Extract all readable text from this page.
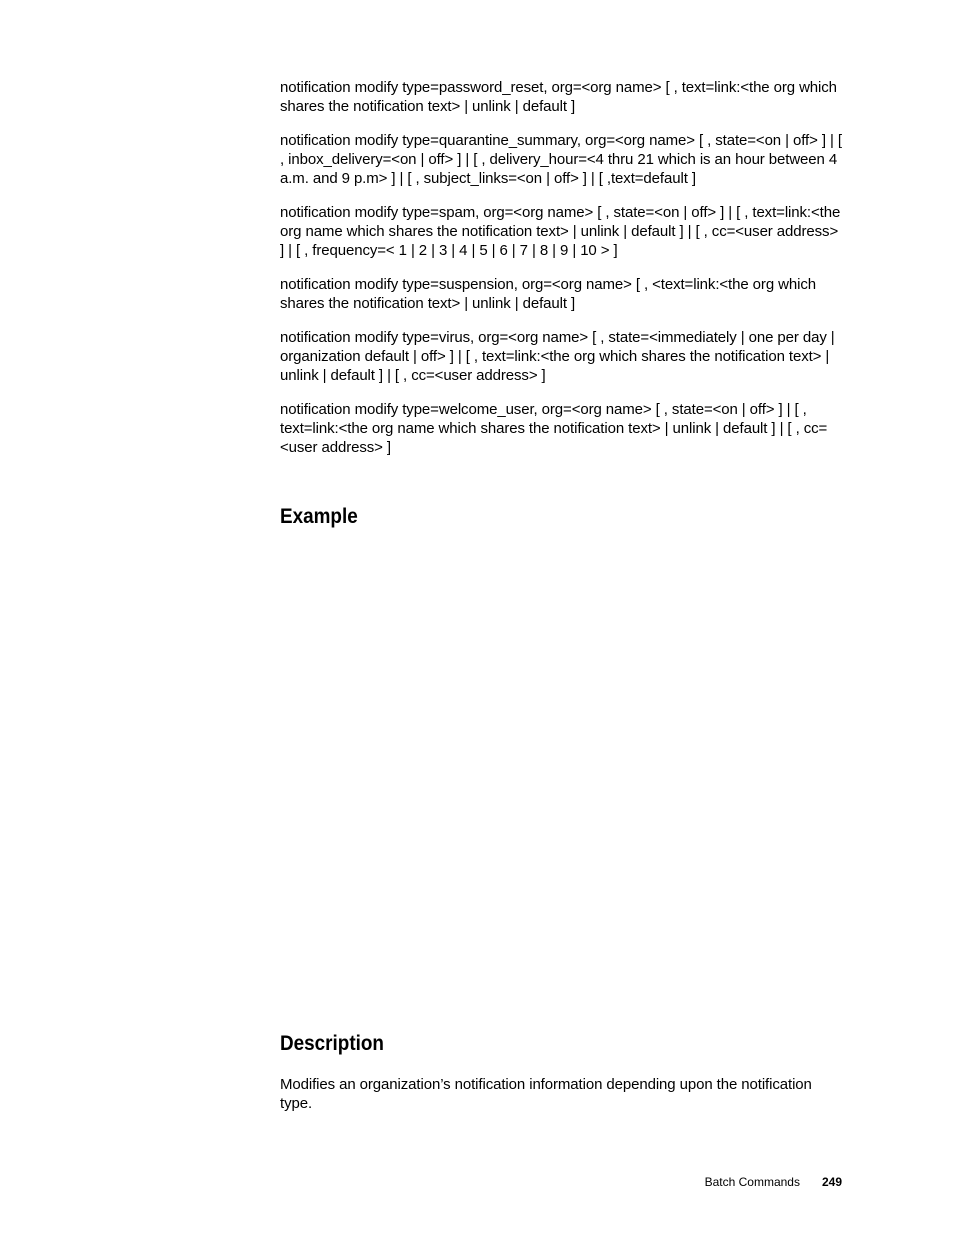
notification modify type=password_reset, org=<org name> [ , text=link:<the org which shares the notification text> | unlink | default ]

notification modify type=quarantine_summary, org=<org name> [ , state=<on | off> ] | [ , inbox_delivery=<on | off> ] | [ , delivery_hour=<4 thru 21 which is an hour between 4 a.m. and 9 p.m> ] | [ , subject_links=<on | off> ] | [ ,text=default ]

notification modify type=spam, org=<org name> [ , state=<on | off> ] | [ , text=link:<the org name which shares the notification text> | unlink | default ] | [ , cc=<user address> ] | [ , frequency=< 1 | 2 | 3 | 4 | 5 | 6 | 7 | 8 | 9 | 10 > ]

notification modify type=suspension, org=<org name> [ , <text=link:<the org which shares the notification text> | unlink | default ]

notification modify type=virus, org=<org name> [ , state=<immediately | one per day | organization default | off> ] | [ , text=link:<the org which shares the notification text> | unlink | default ] | [ , cc=<user address> ]

notification modify type=welcome_user, org=<org name> [ , state=<on | off> ] | [ , text=link:<the org name which shares the notification text> | unlink | default ] | [ , cc=<user address> ]

Example
Description

Modifies an organization’s notification information depending upon the notification type.

Batch Commands 249
